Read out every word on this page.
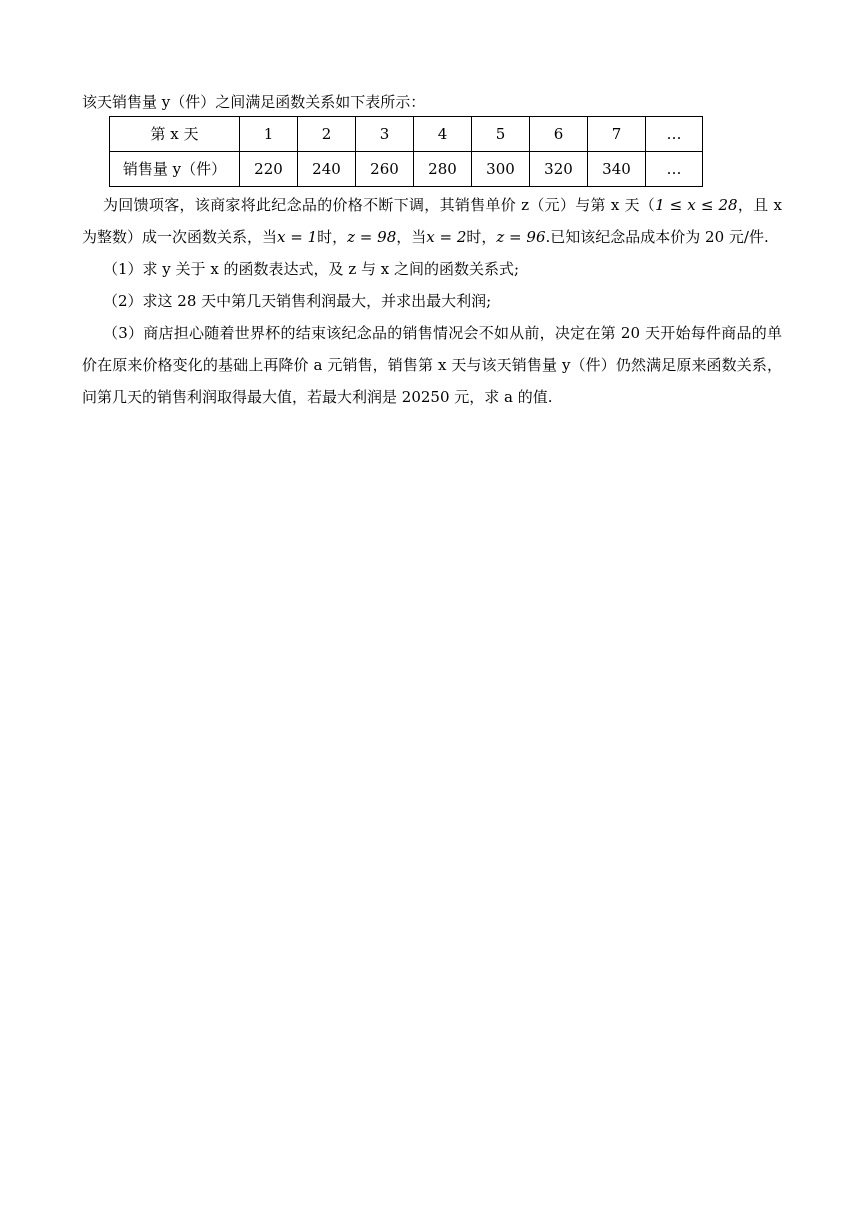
该天销售量 y（件）之间满足函数关系如下表所示：
第 x 天	1	2	3	4	5	6	7	…
销售量 y（件）	220	240	260	280	300	320	340	…
为回馈项客，该商家将此纪念品的价格不断下调，其销售单价 z（元）与第 x 天（1 ≤ x ≤ 28，且 x 为整数）成一次函数关系，当x = 1时，z = 98，当x = 2时，z = 96.已知该纪念品成本价为 20 元/件.
（1）求 y 关于 x 的函数表达式，及 z 与 x 之间的函数关系式;
（2）求这 28 天中第几天销售利润最大，并求出最大利润;
（3）商店担心随着世界杯的结束该纪念品的销售情况会不如从前，决定在第 20 天开始每件商品的单价在原来价格变化的基础上再降价 a 元销售，销售第 x 天与该天销售量 y（件）仍然满足原来函数关系，问第几天的销售利润取得最大值，若最大利润是 20250 元，求 a 的值.
